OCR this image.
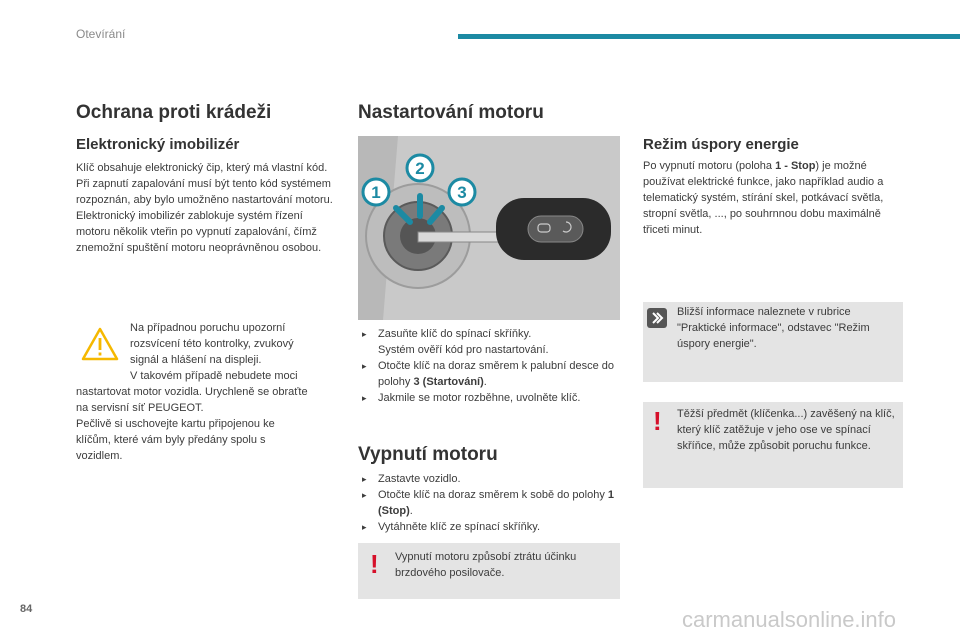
Otevírání
Ochrana proti krádeži
Elektronický imobilizér

Klíč obsahuje elektronický čip, který má vlastní kód. Při zapnutí zapalování musí být tento kód systémem rozpoznán, aby bylo umožněno nastartování motoru.

Elektronický imobilizér zablokuje systém řízení motoru několik vteřin po vypnutí zapalování, čímž znemožní spuštění motoru neoprávněnou osobou.

Na případnou poruchu upozorní
rozsvícení této kontrolky, zvukový
signál a hlášení na displeji.
V takovém případě nebudete moci
nastartovat motor vozidla. Urychleně se obraťte
na servisní síť PEUGEOT.
Pečlivě si uschovejte kartu připojenou ke
klíčům, které vám byly předány spolu s
vozidlem.
Nastartování motoru
1
2
3
▸ Zasuňte klíč do spínací skříňky.
Systém ověří kód pro nastartování.
▸ Otočte klíč na doraz směrem k palubní desce do polohy 3 (Startování).
▸ Jakmile se motor rozběhne, uvolněte klíč.
Vypnutí motoru
▸ Zastavte vozidlo.
▸ Otočte klíč na doraz směrem k sobě do polohy 1 (Stop).
▸ Vytáhněte klíč ze spínací skříňky.
! Vypnutí motoru způsobí ztrátu účinku brzdového posilovače.
Režim úspory energie
Po vypnutí motoru (poloha 1 - Stop) je možné používat elektrické funkce, jako například audio a telematický systém, stírání skel, potkávací světla, stropní světla, ..., po souhrnnou dobu maximálně třiceti minut.
Bližší informace naleznete v rubrice "Praktické informace", odstavec "Režim úspory energie".
! Těžší předmět (klíčenka...) zavěšený na klíč, který klíč zatěžuje v jeho ose ve spínací skříňce, může způsobit poruchu funkce.
84	carmanualsonline.info
